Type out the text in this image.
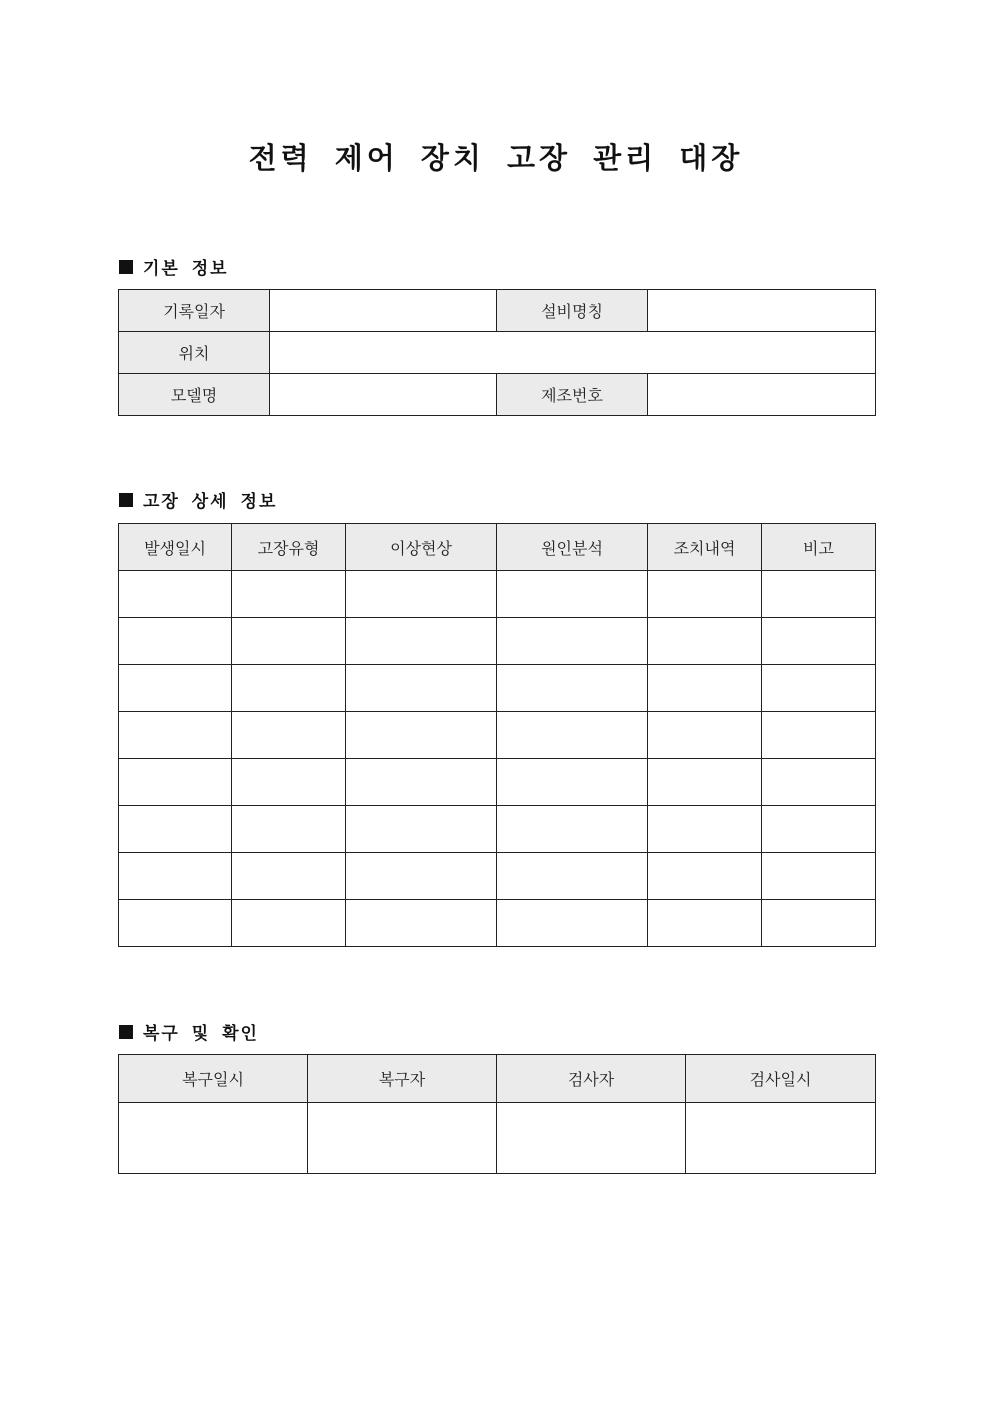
전력 제어 장치 고장 관리 대장
기본 정보
기록일자		설비명칭	
위치			
모델명		제조번호	
고장 상세 정보
발생일시	고장유형	이상현상	원인분석	조치내역	비고

복구 및 확인
복구일시	복구자	검사자	검사일시
